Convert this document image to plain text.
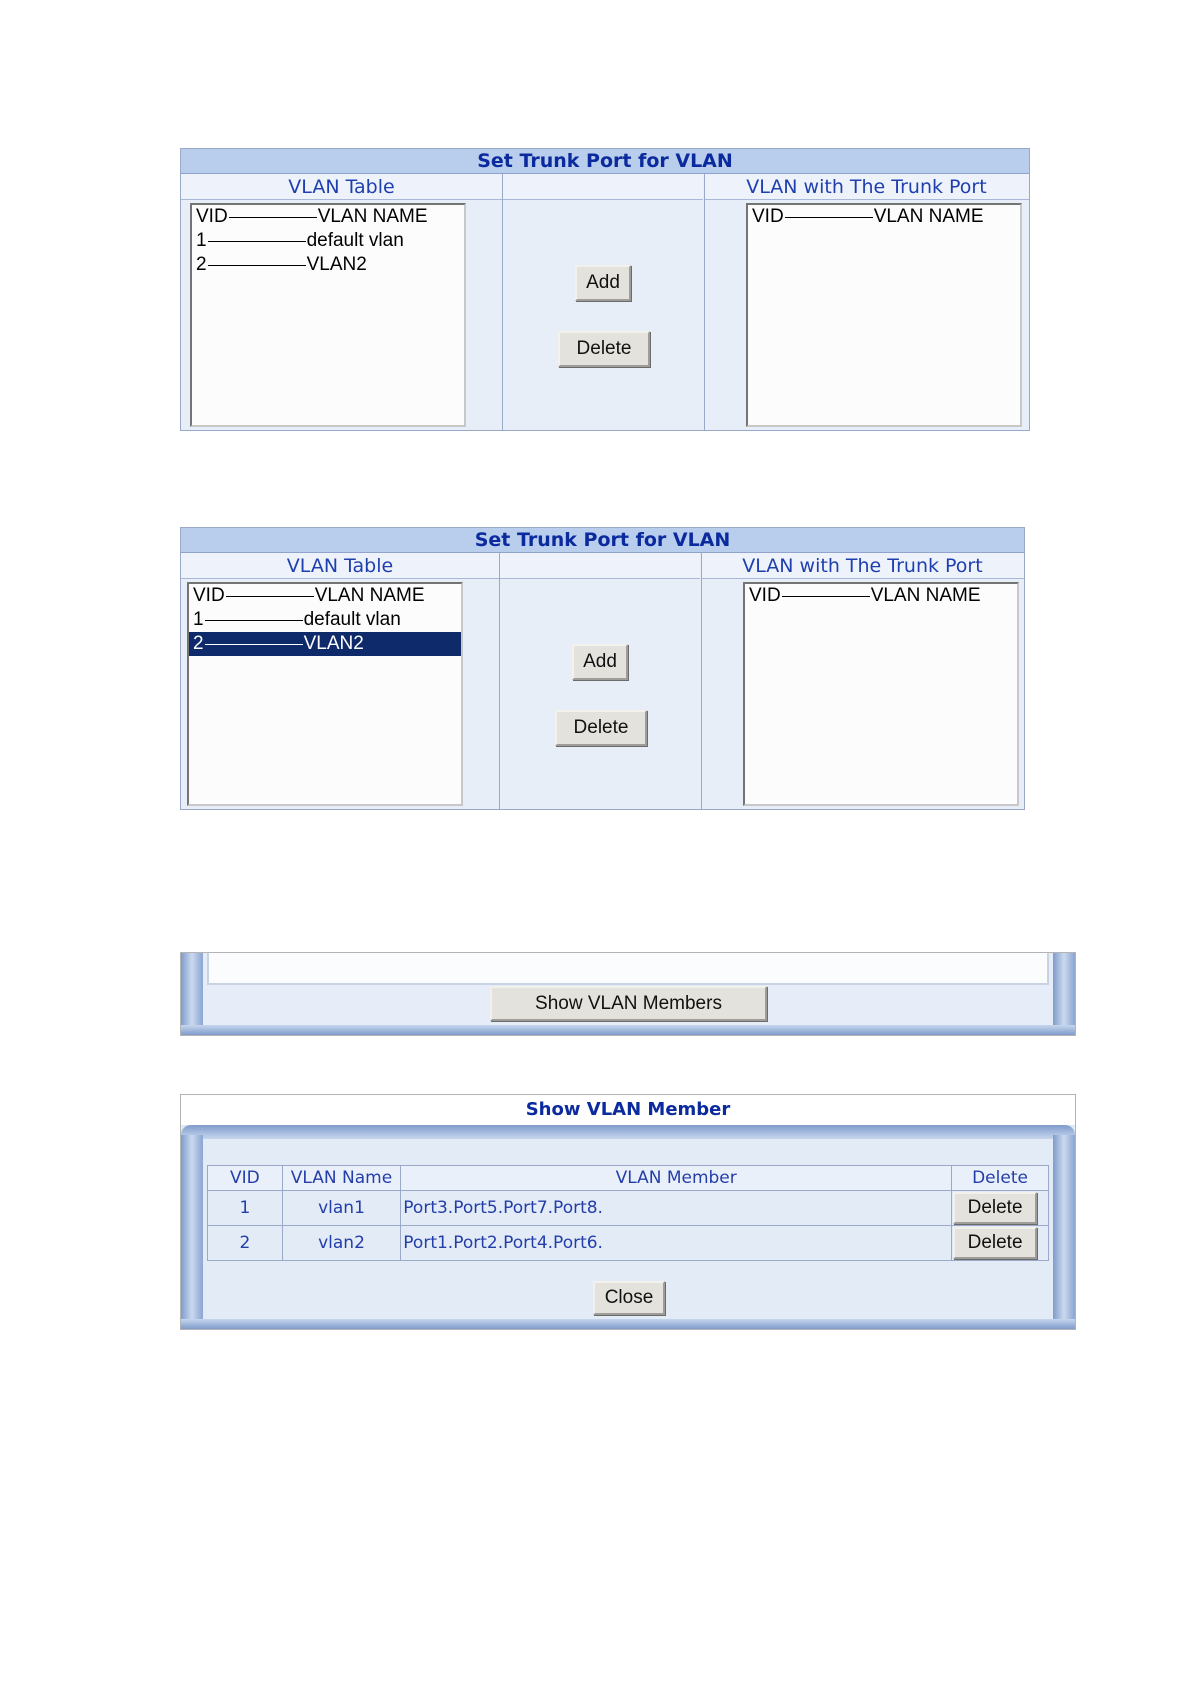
Set Trunk Port for VLAN
VLAN Table	VLAN with The Trunk Port
VID	VLAN NAME
1	default vlan
2	VLAN2
Add
Delete
VID	VLAN NAME
Set Trunk Port for VLAN
VLAN Table	VLAN with The Trunk Port
VID	VLAN NAME
1	default vlan
2	VLAN2
Add
Delete
VID	VLAN NAME
Show VLAN Members
Show VLAN Member
VID	VLAN Name	VLAN Member	Delete
1	vlan1	Port3.Port5.Port7.Port8.	Delete

2	vlan2	Port1.Port2.Port4.Port6.	Delete
Close
